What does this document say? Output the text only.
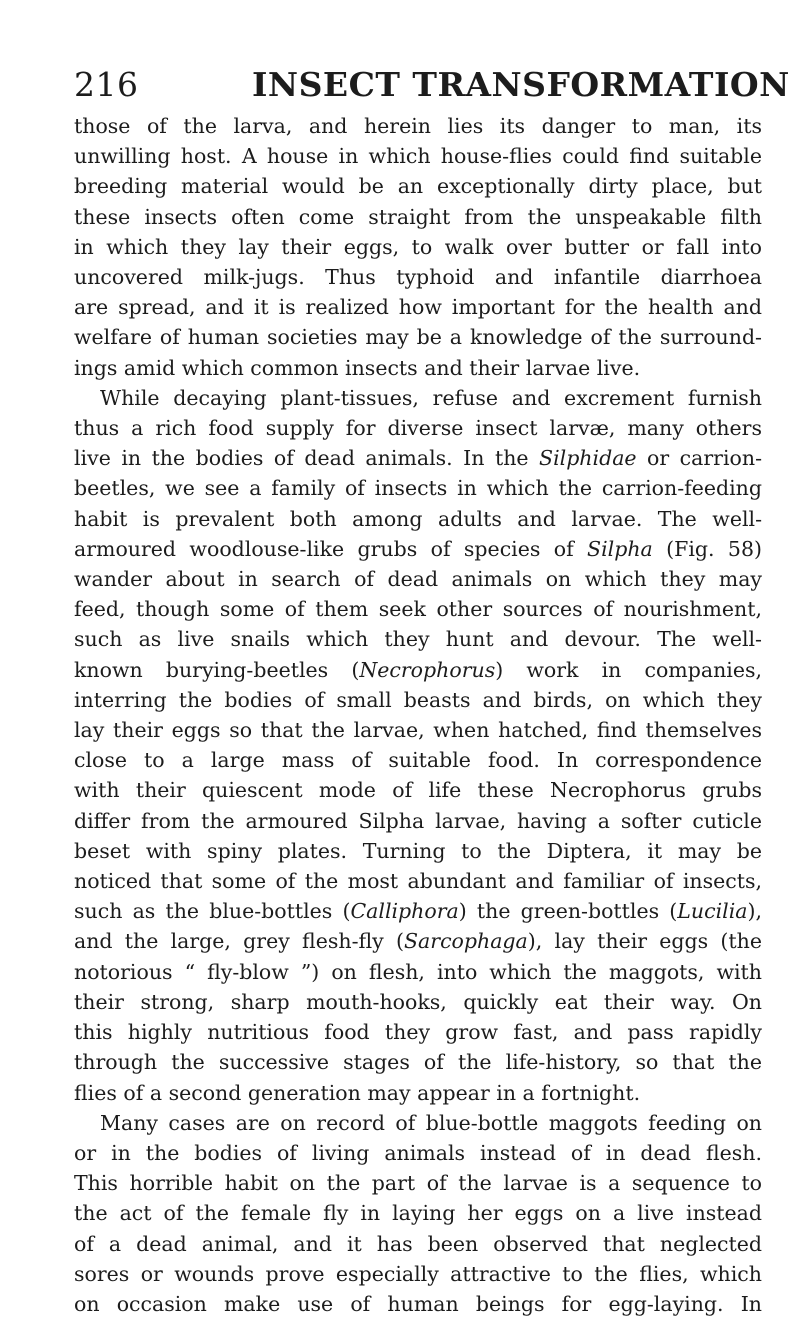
216	INSECT TRANSFORMATION

those of the larva, and herein lies its danger to man, its
unwilling host. A house in which house-flies could find suitable
breeding material would be an exceptionally dirty place, but
these insects often come straight from the unspeakable filth
in which they lay their eggs, to walk over butter or fall into
uncovered milk-jugs. Thus typhoid and infantile diarrhoea
are spread, and it is realized how important for the health and
welfare of human societies may be a knowledge of the surround-
ings amid which common insects and their larvae live.

While decaying plant-tissues, refuse and excrement furnish
thus a rich food supply for diverse insect larvæ, many others
live in the bodies of dead animals. In the Silphidae or carrion-
beetles, we see a family of insects in which the carrion-feeding
habit is prevalent both among adults and larvae. The well-
armoured woodlouse-like grubs of species of Silpha (Fig. 58)
wander about in search of dead animals on which they may
feed, though some of them seek other sources of nourishment,
such as live snails which they hunt and devour. The well-
known burying-beetles (Necrophorus) work in companies,
interring the bodies of small beasts and birds, on which they
lay their eggs so that the larvae, when hatched, find themselves
close to a large mass of suitable food. In correspondence
with their quiescent mode of life these Necrophorus grubs
differ from the armoured Silpha larvae, having a softer cuticle
beset with spiny plates. Turning to the Diptera, it may be
noticed that some of the most abundant and familiar of insects,
such as the blue-bottles (Calliphora) the green-bottles (Lucilia),
and the large, grey flesh-fly (Sarcophaga), lay their eggs (the
notorious “ fly-blow ”) on flesh, into which the maggots, with
their strong, sharp mouth-hooks, quickly eat their way. On
this highly nutritious food they grow fast, and pass rapidly
through the successive stages of the life-history, so that the
flies of a second generation may appear in a fortnight.

Many cases are on record of blue-bottle maggots feeding on
or in the bodies of living animals instead of in dead flesh.
This horrible habit on the part of the larvae is a sequence to
the act of the female fly in laying her eggs on a live instead
of a dead animal, and it has been observed that neglected
sores or wounds prove especially attractive to the flies, which
on occasion make use of human beings for egg-laying. In
